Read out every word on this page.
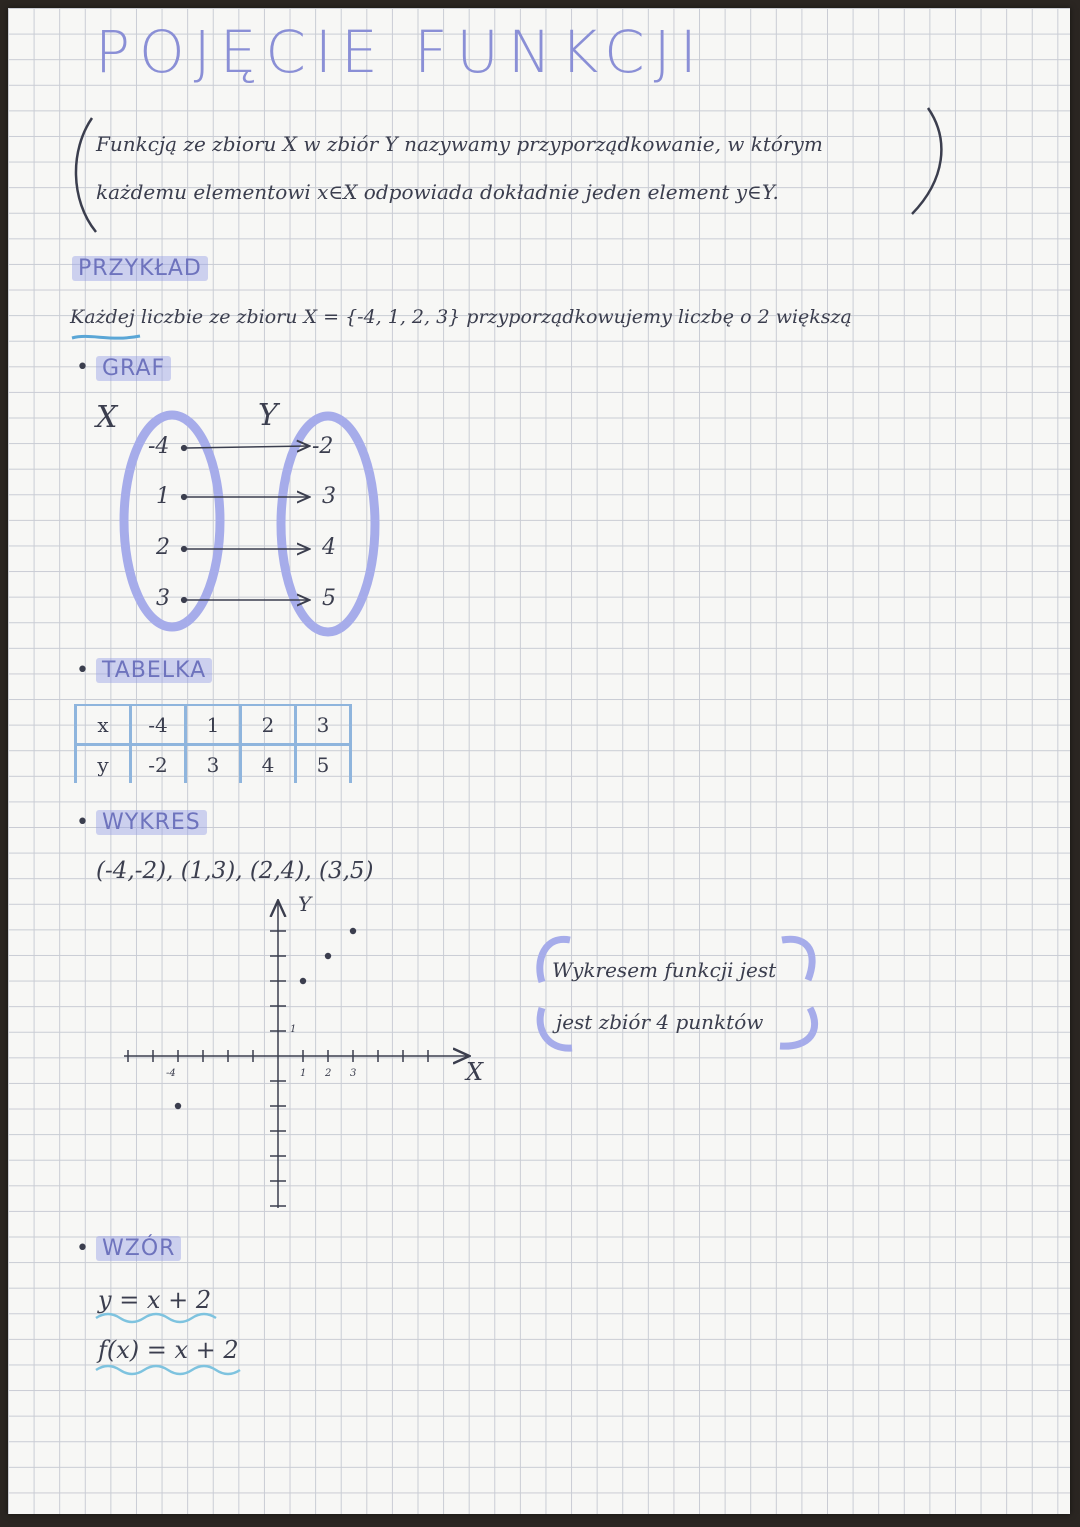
POJĘCIE FUNKCJI
Funkcją ze zbioru X w zbiór Y nazywamy przyporządkowanie, w którym
każdemu elementowi x∈X odpowiada dokładnie jeden element y∈Y.
PRZYKŁAD
Każdej liczbie ze zbioru X = {-4, 1, 2, 3} przyporządkowujemy liczbę o 2 większą
• GRAF
X	Y
-4
1
2
3
-2
3
4
5
• TABELKA
x	-4	1	2	3
y	-2	3	4	5
• WYKRES
(-4,-2), (1,3), (2,4), (3,5)
Wykresem funkcji jest
jest zbiór 4 punktów
• WZÓR
y = x + 2
f(x) = x + 2
X
Y
-4	1 2 3
1
